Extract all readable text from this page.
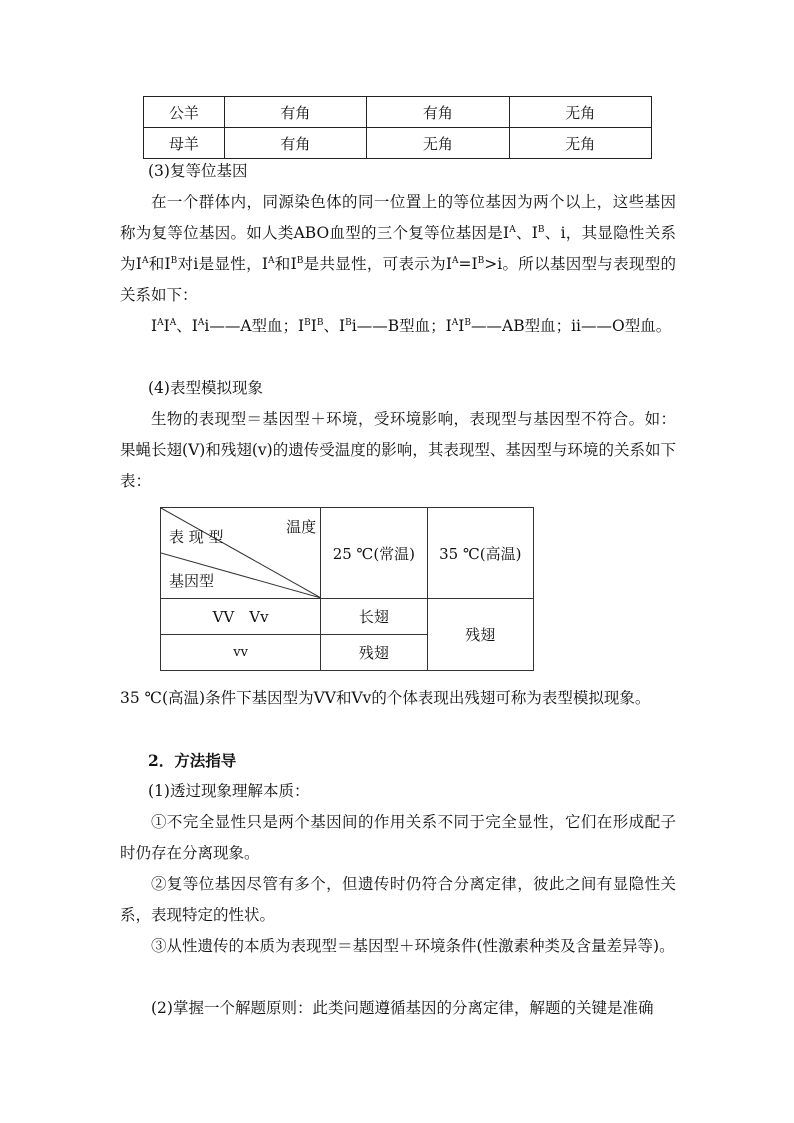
公羊	有角	有角	无角
母羊	有角	无角	无角
(3)复等位基因
在一个群体内，同源染色体的同一位置上的等位基因为两个以上，这些基因称为复等位基因。如人类ABO血型的三个复等位基因是$I^A$、$I^B$、i，其显隐性关系为$I^A$和$I^B$对i是显性，$I^A$和$I^B$是共显性，可表示为$I^A=I^B>i$。所以基因型与表现型的关系如下：
$I^AI^A$、$I^Ai——A$型血；$I^BI^B$、$I^Bi——B$型血；$I^AI^B——AB$型血；ii——O型血。
(4)表型模拟现象
生物的表现型＝基因型＋环境，受环境影响，表现型与基因型不符合。如：果蝇长翅(V)和残翅(v)的遗传受温度的影响，其表现型、基因型与环境的关系如下表：
温度
表 现 型
基因型	25 ℃(常温)	35 ℃(高温)
VV　Vv	长翅	残翅
vv	残翅	
35 ℃(高温)条件下基因型为VV和Vv的个体表现出残翅可称为表型模拟现象。
2．方法指导
(1)透过现象理解本质：
①不完全显性只是两个基因间的作用关系不同于完全显性，它们在形成配子时仍存在分离现象。
②复等位基因尽管有多个，但遗传时仍符合分离定律，彼此之间有显隐性关系，表现特定的性状。
③从性遗传的本质为表现型＝基因型＋环境条件(性激素种类及含量差异等)。
(2)掌握一个解题原则：此类问题遵循基因的分离定律，解题的关键是准确
